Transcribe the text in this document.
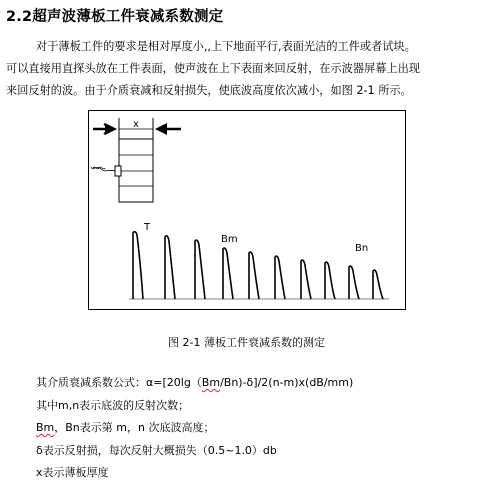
2.2超声波薄板工件衰减系数测定
对于薄板工件的要求是相对厚度小,,上下地面平行,表面光洁的工件或者试块。
可以直接用直探头放在工件表面，使声波在上下表面来回反射，在示波器屏幕上出现
来回反射的波。由于介质衰减和反射损失，使底波高度依次减小，如图 2-1 所示。
x
T
Bm
Bn
图 2-1 薄板工件衰减系数的测定
其介质衰减系数公式：α=[20lg（Bm/Bn)-δ]/2(n-m)x(dB/mm)
其中m,n表示底波的反射次数；
Bm，Bn表示第 m，n 次底波高度；
δ表示反射损，每次反射大概损失（0.5~1.0）db
x表示薄板厚度
